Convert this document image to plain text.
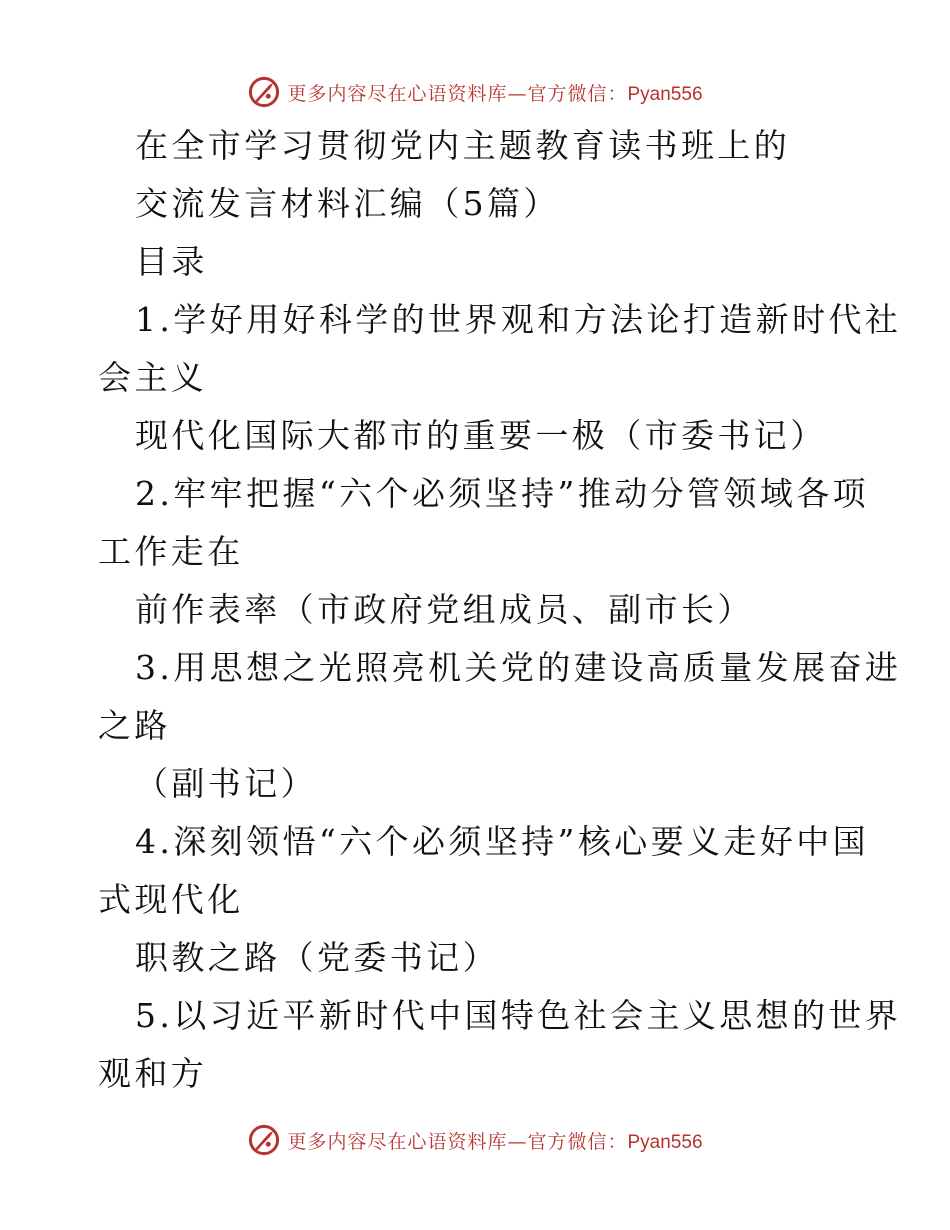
更多内容尽在心语资料库—官方微信：Pyan556
在全市学习贯彻党内主题教育读书班上的
交流发言材料汇编（5篇）
目录
1.学好用好科学的世界观和方法论打造新时代社
会主义
现代化国际大都市的重要一极（市委书记）
2.牢牢把握“六个必须坚持”推动分管领域各项
工作走在
前作表率（市政府党组成员、副市长）
3.用思想之光照亮机关党的建设高质量发展奋进
之路
（副书记）
4.深刻领悟“六个必须坚持”核心要义走好中国
式现代化
职教之路（党委书记）
5.以习近平新时代中国特色社会主义思想的世界
观和方
更多内容尽在心语资料库—官方微信：Pyan556
